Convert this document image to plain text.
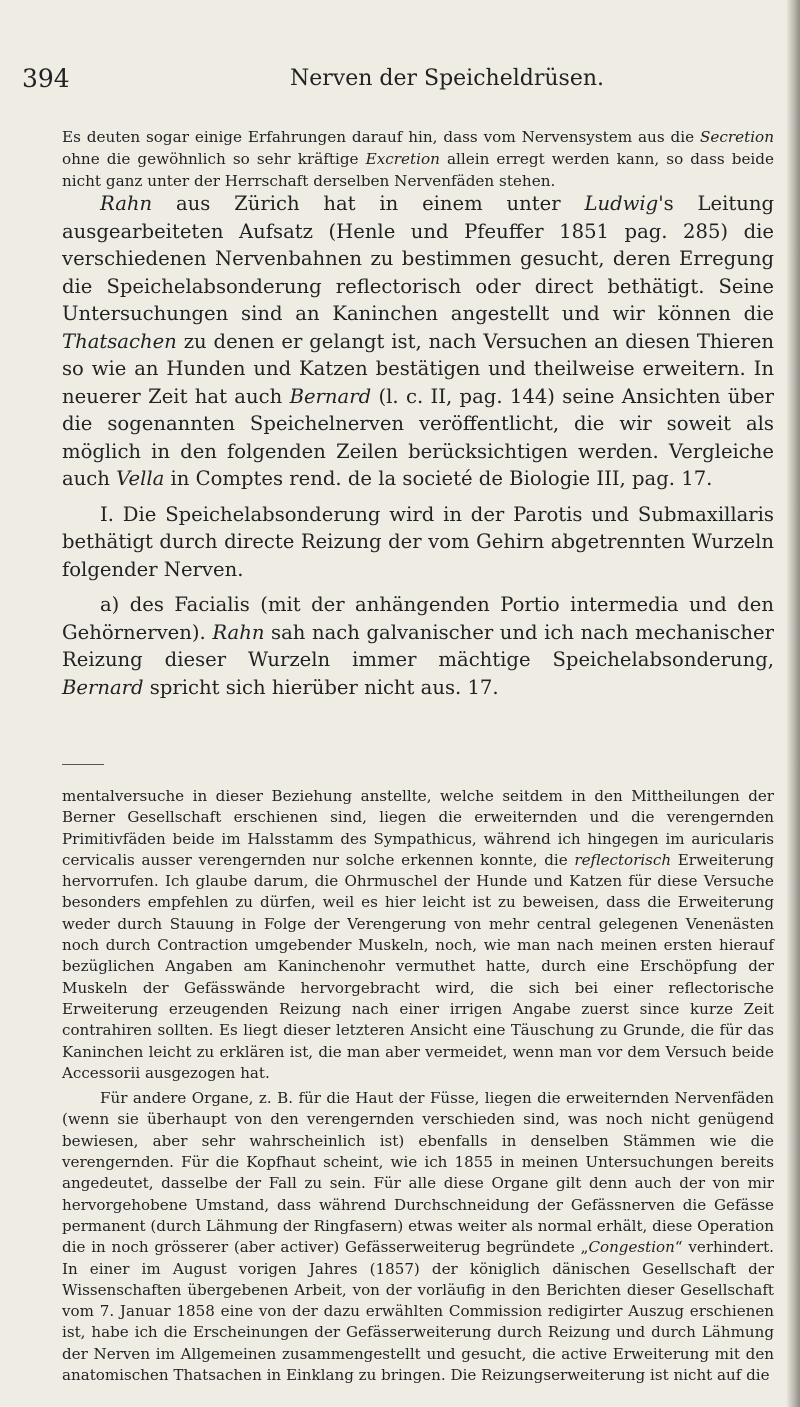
394	Nerven der Speicheldrüsen.

Es deuten sogar einige Erfahrungen darauf hin, dass vom Nervensystem aus die Secretion ohne die gewöhnlich so sehr kräftige Excretion allein erregt werden kann, so dass beide nicht ganz unter der Herrschaft derselben Nervenfäden stehen.

Rahn aus Zürich hat in einem unter Ludwig's Leitung ausgearbeiteten Aufsatz (Henle und Pfeuffer 1851 pag. 285) die verschiedenen Nervenbahnen zu bestimmen gesucht, deren Erregung die Speichelabsonderung reflectorisch oder direct bethätigt. Seine Untersuchungen sind an Kaninchen angestellt und wir können die Thatsachen zu denen er gelangt ist, nach Versuchen an diesen Thieren so wie an Hunden und Katzen bestätigen und theilweise erweitern. In neuerer Zeit hat auch Bernard (l. c. II, pag. 144) seine Ansichten über die sogenannten Speichelnerven veröffentlicht, die wir soweit als möglich in den folgenden Zeilen berücksichtigen werden. Vergleiche auch Vella in Comptes rend. de la societé de Biologie III, pag. 17.

I. Die Speichelabsonderung wird in der Parotis und Submaxillaris bethätigt durch directe Reizung der vom Gehirn abgetrennten Wurzeln folgender Nerven.

a) des Facialis (mit der anhängenden Portio intermedia und den Gehörnerven). Rahn sah nach galvanischer und ich nach mechanischer Reizung dieser Wurzeln immer mächtige Speichelabsonderung, Bernard spricht sich hierüber nicht aus. 17.

mentalversuche in dieser Beziehung anstellte, welche seitdem in den Mittheilungen der Berner Gesellschaft erschienen sind, liegen die erweiternden und die verengernden Primitivfäden beide im Halsstamm des Sympathicus, während ich hingegen im auricularis cervicalis ausser verengernden nur solche erkennen konnte, die reflectorisch Erweiterung hervorrufen. Ich glaube darum, die Ohrmuschel der Hunde und Katzen für diese Versuche besonders empfehlen zu dürfen, weil es hier leicht ist zu beweisen, dass die Erweiterung weder durch Stauung in Folge der Verengerung von mehr central gelegenen Venenästen noch durch Contraction umgebender Muskeln, noch, wie man nach meinen ersten hierauf bezüglichen Angaben am Kaninchenohr vermuthet hatte, durch eine Erschöpfung der Muskeln der Gefässwände hervorgebracht wird, die sich bei einer reflectorische Erweiterung erzeugenden Reizung nach einer irrigen Angabe zuerst since kurze Zeit contrahiren sollten. Es liegt dieser letzteren Ansicht eine Täuschung zu Grunde, die für das Kaninchen leicht zu erklären ist, die man aber vermeidet, wenn man vor dem Versuch beide Accessorii ausgezogen hat.

Für andere Organe, z. B. für die Haut der Füsse, liegen die erweiternden Nervenfäden (wenn sie überhaupt von den verengernden verschieden sind, was noch nicht genügend bewiesen, aber sehr wahrscheinlich ist) ebenfalls in denselben Stämmen wie die verengernden. Für die Kopfhaut scheint, wie ich 1855 in meinen Untersuchungen bereits angedeutet, dasselbe der Fall zu sein. Für alle diese Organe gilt denn auch der von mir hervorgehobene Umstand, dass während Durchschneidung der Gefässnerven die Gefässe permanent (durch Lähmung der Ringfasern) etwas weiter als normal erhält, diese Operation die in noch grösserer (aber activer) Gefässerweiterug begründete „Congestion“ verhindert. In einer im August vorigen Jahres (1857) der königlich dänischen Gesellschaft der Wissenschaften übergebenen Arbeit, von der vorläufig in den Berichten dieser Gesellschaft vom 7. Januar 1858 eine von der dazu erwählten Commission redigirter Auszug erschienen ist, habe ich die Erscheinungen der Gefässerweiterung durch Reizung und durch Lähmung der Nerven im Allgemeinen zusammengestellt und gesucht, die active Erweiterung mit den anatomischen Thatsachen in Einklang zu bringen. Die Reizungserweiterung ist nicht auf die
